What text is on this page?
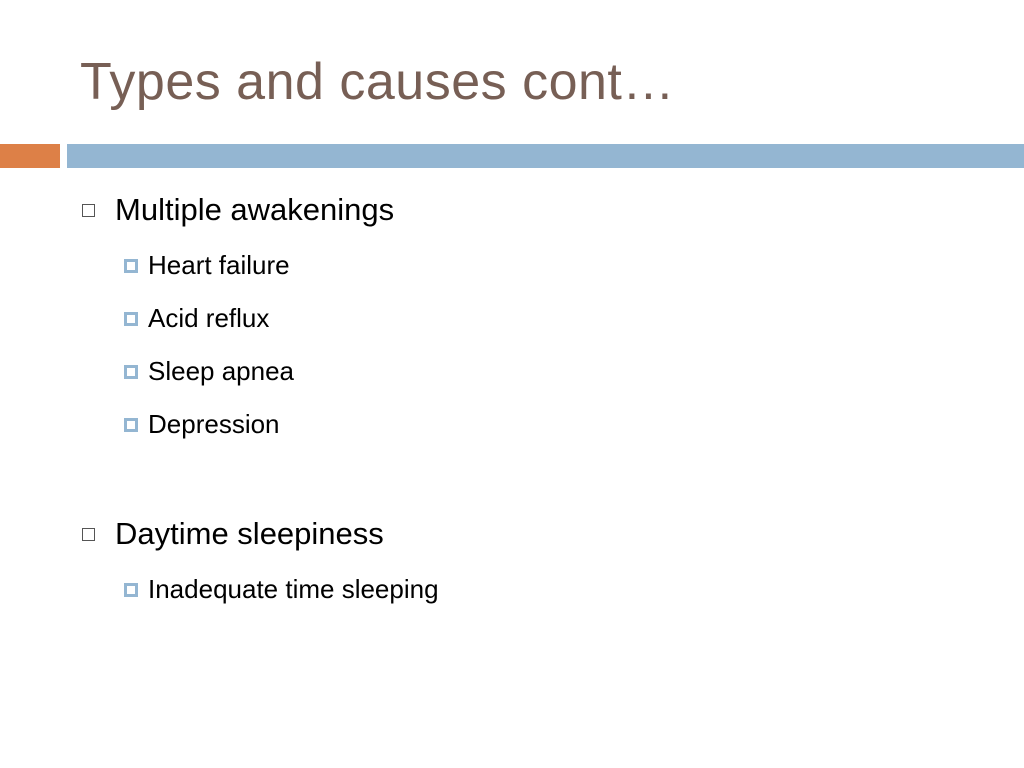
Types and causes cont…
Multiple awakenings
Heart failure
Acid reflux
Sleep apnea
Depression
Daytime sleepiness
Inadequate time sleeping
